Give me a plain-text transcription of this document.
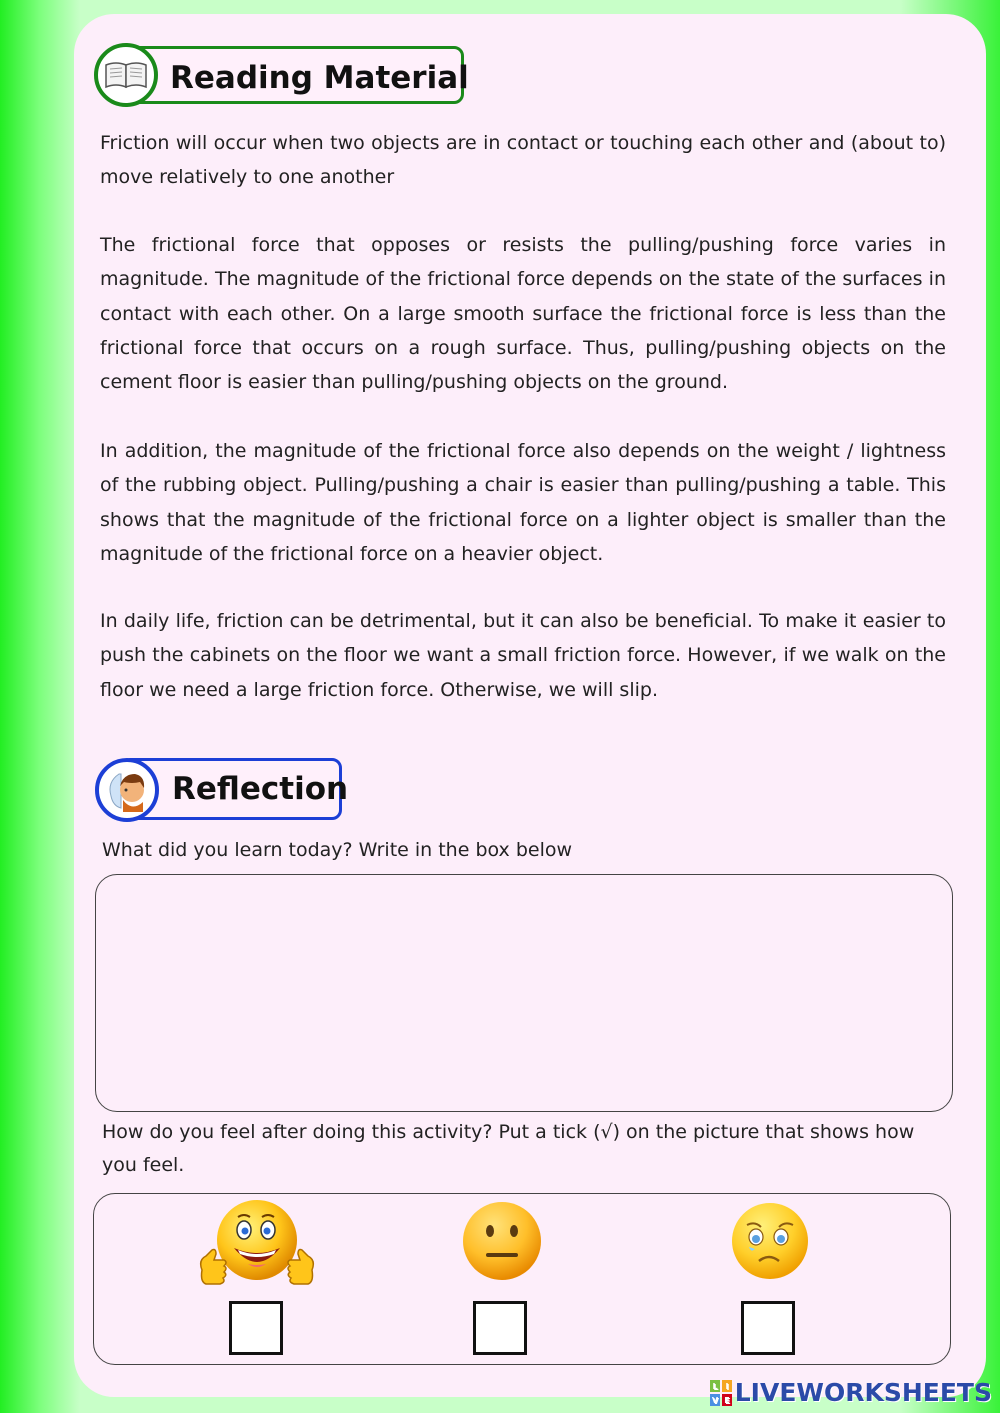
Reading Material

Friction will occur when two objects are in contact or touching each other and (about to) move relatively to one another

The frictional force that opposes or resists the pulling/pushing force varies in magnitude. The magnitude of the frictional force depends on the state of the surfaces in contact with each other. On a large smooth surface the frictional force is less than the frictional force that occurs on a rough surface. Thus, pulling/pushing objects on the cement floor is easier than pulling/pushing objects on the ground.

In addition, the magnitude of the frictional force also depends on the weight / lightness of the rubbing object. Pulling/pushing a chair is easier than pulling/pushing a table. This shows that the magnitude of the frictional force on a lighter object is smaller than the magnitude of the frictional force on a heavier object.

In daily life, friction can be detrimental, but it can also be beneficial. To make it easier to push the cabinets on the floor we want a small friction force. However, if we walk on the floor we need a large friction force. Otherwise, we will slip.

Reflection

What did you learn today? Write in the box below

How do you feel after doing this activity? Put a tick (√) on the picture that shows how

you feel.

L I
V E LIVEWORKSHEETS
